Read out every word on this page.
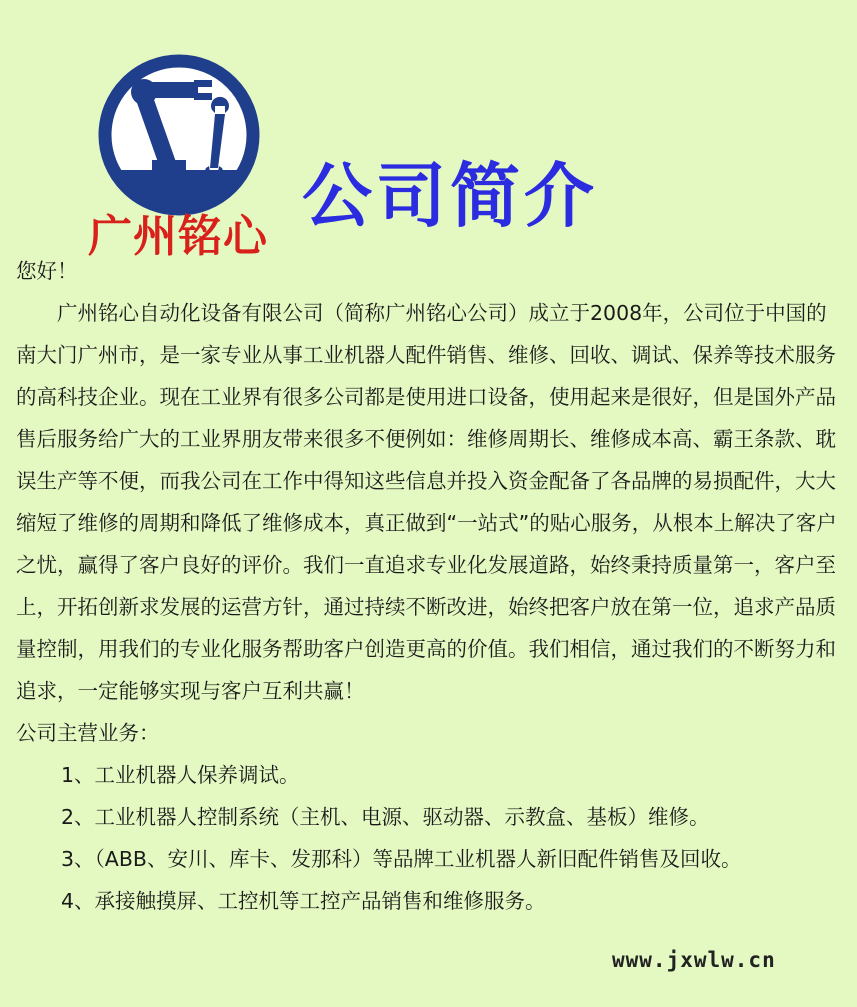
广州铭心 公司简介

您好！

广州铭心自动化设备有限公司（简称广州铭心公司）成立于2008年，公司位于中国的南大门广州市，是一家专业从事工业机器人配件销售、维修、回收、调试、保养等技术服务的高科技企业。现在工业界有很多公司都是使用进口设备，使用起来是很好，但是国外产品售后服务给广大的工业界朋友带来很多不便例如：维修周期长、维修成本高、霸王条款、耽误生产等不便，而我公司在工作中得知这些信息并投入资金配备了各品牌的易损配件，大大缩短了维修的周期和降低了维修成本，真正做到“一站式”的贴心服务，从根本上解决了客户之忧，赢得了客户良好的评价。我们一直追求专业化发展道路，始终秉持质量第一，客户至上，开拓创新求发展的运营方针，通过持续不断改进，始终把客户放在第一位，追求产品质量控制，用我们的专业化服务帮助客户创造更高的价值。我们相信，通过我们的不断努力和追求，一定能够实现与客户互利共赢！

公司主营业务：

1、工业机器人保养调试。
2、工业机器人控制系统（主机、电源、驱动器、示教盒、基板）维修。
3、（ABB、安川、库卡、发那科）等品牌工业机器人新旧配件销售及回收。
4、承接触摸屏、工控机等工控产品销售和维修服务。
www.jxwlw.cn
